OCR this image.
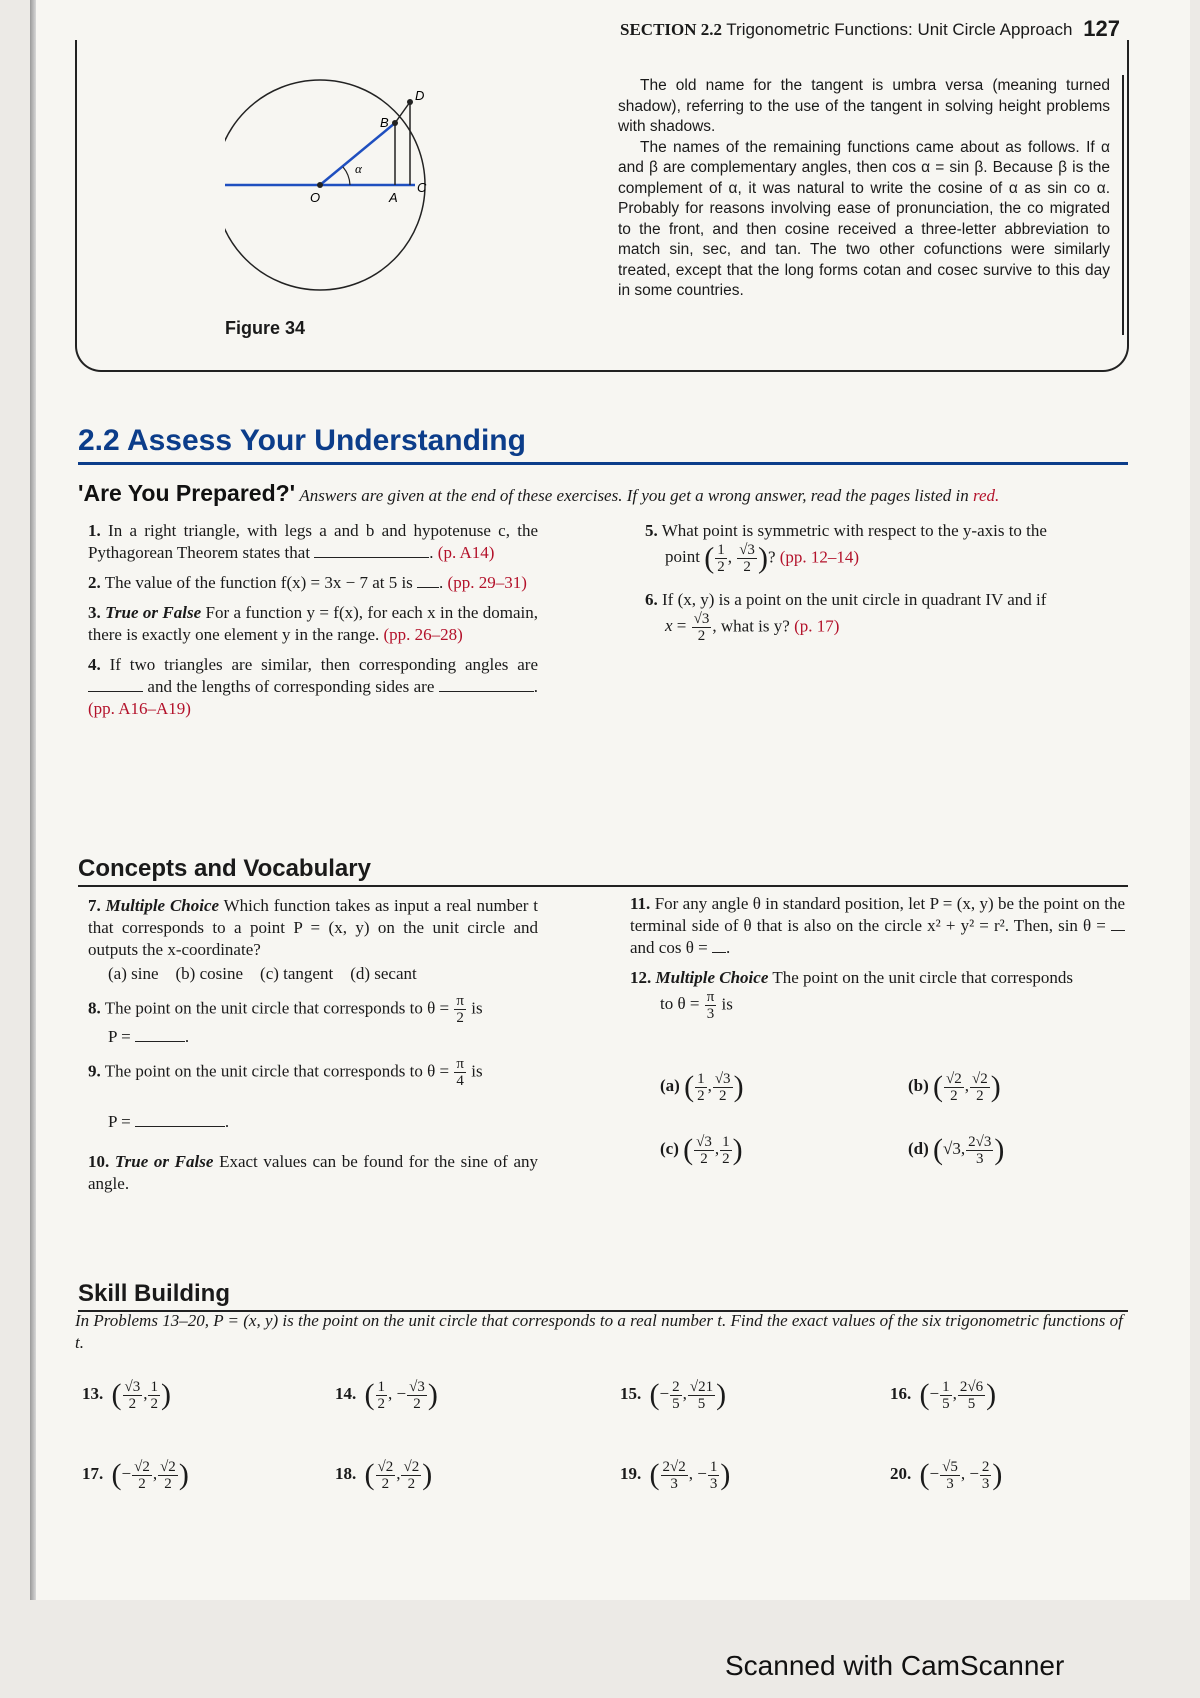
SECTION 2.2 Trigonometric Functions: Unit Circle Approach 127
B
D
α
O	A
C
Figure 34

The old name for the tangent is umbra versa (meaning turned shadow), referring to the use of the tangent in solving height problems with shadows.

The names of the remaining functions came about as follows. If α and β are complementary angles, then cos α = sin β. Because β is the complement of α, it was natural to write the cosine of α as sin co α. Probably for reasons involving ease of pronunciation, the co migrated to the front, and then cosine received a three-letter abbreviation to match sin, sec, and tan. The two other cofunctions were similarly treated, except that the long forms cotan and cosec survive to this day in some countries.

2.2 Assess Your Understanding
'Are You Prepared?' Answers are given at the end of these exercises. If you get a wrong answer, read the pages listed in red.
1. In a right triangle, with legs a and b and hypotenuse c, the Pythagorean Theorem states that	. (p. A14)
2. The value of the function f(x) = 3x − 7 at 5 is . (pp. 29–31)
3. True or False For a function y = f(x), for each x in the domain, there is exactly one element y in the range. (pp. 26–28)
4. If two triangles are similar, then corresponding angles are  and the lengths of corresponding sides are	. (pp. A16–A19)
5. What point is symmetric with respect to the y-axis to the
point ( $\frac{1}{2}$ , $\frac{√3}{2}$ )? (pp. 12–14)
6. If (x, y) is a point on the unit circle in quadrant IV and if
$x = \frac{√3}{2}$ , what is y? (p. 17)
Concepts and Vocabulary
7. Multiple Choice Which function takes as input a real number t that corresponds to a point P = (x, y) on the unit circle and outputs the x-coordinate?
(a) sine (b) cosine (c) tangent (d) secant
8. The point on the unit circle that corresponds to $\theta = \frac{\pi}{2}$ is
P =	.
9. The point on the unit circle that corresponds to $\theta = \frac{\pi}{4}$ is
P =	.
10. True or False Exact values can be found for the sine of any angle.
11. For any angle θ in standard position, let P = (x, y) be the point on the terminal side of θ that is also on the circle x² + y² = r². Then, sin θ =  and cos θ = .
12. Multiple Choice The point on the unit circle that corresponds
to $\theta = \frac{\pi}{3}$ is
(a) ( $\frac{1}{2}$ , $\frac{√3}{2}$ )	(b) ( $\frac{√2}{2}$ , $\frac{√2}{2}$ )
(c) ( $\frac{√3}{2}$ , $\frac{1}{2}$ )	(d) (√3, $\frac{2√3}{3}$ )
Skill Building
In Problems 13–20, P = (x, y) is the point on the unit circle that corresponds to a real number t. Find the exact values of the six trigonometric functions of t.
13. ( $\frac{√3}{2}$ , $\frac{1}{2}$ )	14. ( $\frac{1}{2}$ , − $\frac{√3}{2}$ )	15. (− $\frac{2}{5}$ , $\frac{√21}{5}$ )	16. (− $\frac{1}{5}$ , $\frac{2√6}{5}$ )
17. (− $\frac{√2}{2}$ , $\frac{√2}{2}$ )	18. ( $\frac{√2}{2}$ , $\frac{√2}{2}$ )	19. ( $\frac{2√2}{3}$ , − $\frac{1}{3}$ )	20. (− $\frac{√5}{3}$ , − $\frac{2}{3}$ )
Scanned with CamScanner
